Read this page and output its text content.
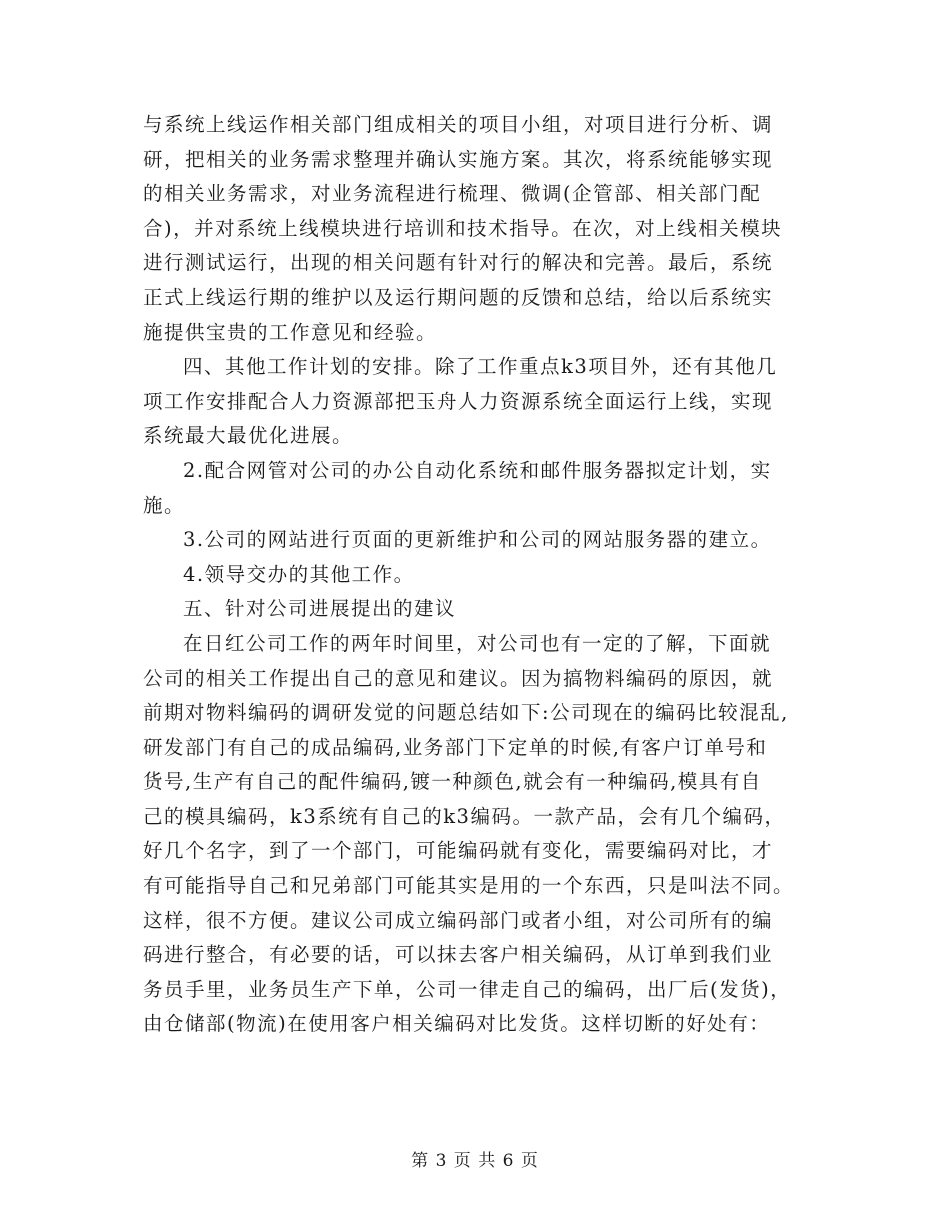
与系统上线运作相关部门组成相关的项目小组，对项目进行分析、调
研，把相关的业务需求整理并确认实施方案。其次，将系统能够实现
的相关业务需求，对业务流程进行梳理、微调(企管部、相关部门配
合)，并对系统上线模块进行培训和技术指导。在次，对上线相关模块
进行测试运行，出现的相关问题有针对行的解决和完善。最后，系统
正式上线运行期的维护以及运行期问题的反馈和总结，给以后系统实
施提供宝贵的工作意见和经验。
四、其他工作计划的安排。除了工作重点k3项目外，还有其他几
项工作安排配合人力资源部把玉舟人力资源系统全面运行上线，实现
系统最大最优化进展。
2.配合网管对公司的办公自动化系统和邮件服务器拟定计划，实
施。
3.公司的网站进行页面的更新维护和公司的网站服务器的建立。
4.领导交办的其他工作。
五、针对公司进展提出的建议
在日红公司工作的两年时间里，对公司也有一定的了解，下面就
公司的相关工作提出自己的意见和建议。因为搞物料编码的原因，就
前期对物料编码的调研发觉的问题总结如下:公司现在的编码比较混乱,
研发部门有自己的成品编码,业务部门下定单的时候,有客户订单号和
货号,生产有自己的配件编码,镀一种颜色,就会有一种编码,模具有自
己的模具编码，k3系统有自己的k3编码。一款产品，会有几个编码，
好几个名字，到了一个部门，可能编码就有变化，需要编码对比，才
有可能指导自己和兄弟部门可能其实是用的一个东西，只是叫法不同。
这样，很不方便。建议公司成立编码部门或者小组，对公司所有的编
码进行整合，有必要的话，可以抹去客户相关编码，从订单到我们业
务员手里，业务员生产下单，公司一律走自己的编码，出厂后(发货)，
由仓储部(物流)在使用客户相关编码对比发货。这样切断的好处有：
第 3 页 共 6 页
